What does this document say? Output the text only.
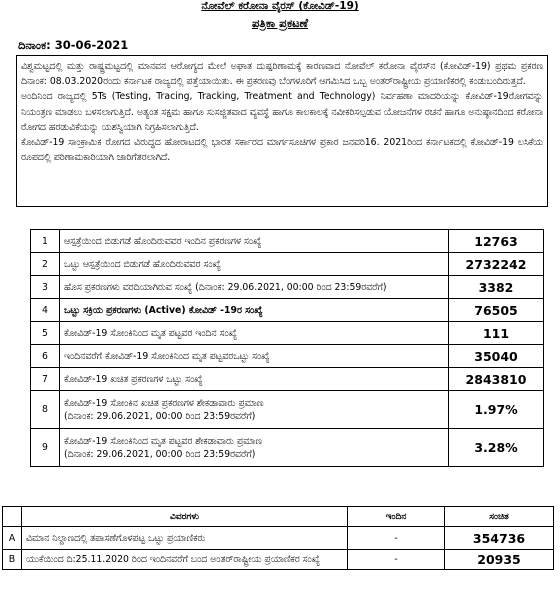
ನೋವೆಲ್ ಕರೋನಾ ವೈರಸ್ (ಕೋವಿಡ್-19)
ಪತ್ರಿಕಾ ಪ್ರಕಟಣೆ
ದಿನಾಂಕ: 30-06-2021
ವಿಶ್ವಮಟ್ಟದಲ್ಲಿ ಮತ್ತು ರಾಷ್ಟ್ರಮಟ್ಟದಲ್ಲಿ ಮಾನವನ ಆರೋಗ್ಯದ ಮೇಲೆ ಅಘಾತ ದುಷ್ಪರಿಣಾಮಕ್ಕೆ ಕಾರಣವಾದ ನೋವೆಲ್ ಕರೋನಾ ವೈರಸ್‌ನ (ಕೋವಿಡ್-19) ಪ್ರಥಮ ಪ್ರಕರಣ ದಿನಾಂಕ: 08.03.2020ರಂದು ಕರ್ನಾಟಕ ರಾಜ್ಯದಲ್ಲಿ ಪತ್ತೆಯಾಯಿತು. ಈ ಪ್ರಕರಣವು ಬೆಂಗಳೂರಿಗೆ ಆಗಮಿಸಿದ ಒಬ್ಬ ಅಂತರ್‌ರಾಷ್ಟ್ರೀಯ ಪ್ರಯಾಣಿಕರಲ್ಲಿ ಕಂಡುಬಂದಿರುತ್ತದೆ.
ಅಂದಿನಿಂದ ರಾಜ್ಯದಲ್ಲಿ 5Ts (Testing, Tracing, Tracking, Treatment and Technology) ನಿರ್ವಹಣಾ ಮಾದರಿಯನ್ನು ಕೋವಿಡ್-19ರೋಗವನ್ನು ನಿಯಂತ್ರಣ ಮಾಡಲು ಬಳಸಲಾಗುತ್ತಿದೆ. ಅತ್ಯಂತ ಸಕ್ಷಮ ಹಾಗೂ ಸುಸಜ್ಜಿತವಾದ ವ್ಯವಸ್ಥೆ ಹಾಗೂ ಕಾಲಕಾಲಕ್ಕೆ ನವೀಕರಿಸಲ್ಪಡುವ ಯೋಜನೆಗಳ ರಚನೆ ಹಾಗೂ ಅನುಷ್ಠಾನದಿಂದ ಕರೋನಾ ರೋಗದ ಹರಡುವಿಕೆಯನ್ನು ಯಶಸ್ವಿಯಾಗಿ ನಿಗ್ರಹಿಸಲಾಗುತ್ತಿದೆ.
ಕೋವಿಡ್-19 ಸಾಂಕ್ರಾಮಿಕ ರೋಗದ ವಿರುದ್ಧದ ಹೋರಾಟದಲ್ಲಿ ಭಾರತ ಸರ್ಕಾರದ ಮಾರ್ಗಸೂಚಿಗಳ ಪ್ರಕಾರ ಜನವರಿ16. 2021ರಿಂದ ಕರ್ನಾಟಕದಲ್ಲಿ ಕೋವಿಡ್-19 ಲಸಿಕೆಯ ರೂಪದಲ್ಲಿ ಪರಿಣಾಮಕಾರಿಯಾಗಿ ಜಾರಿಗೆತರಲಾಗಿದೆ.
1	ಆಸ್ಪತ್ರೆಯಿಂದ ಬಿಡುಗಡೆ ಹೊಂದಿರುವವರ ಇಂದಿನ ಪ್ರಕರಣಗಳ ಸಂಖ್ಯೆ	12763
2	ಒಟ್ಟು ಆಸ್ಪತ್ರೆಯಿಂದ ಬಿಡುಗಡೆ ಹೊಂದಿರುವವರ ಸಂಖ್ಯೆ	2732242
3	ಹೊಸ ಪ್ರಕರಣಗಳು ವರದಿಯಾಗಿರುವ ಸಂಖ್ಯೆ (ದಿನಾಂಕ: 29.06.2021, 00:00 ರಿಂದ 23:59ರವರೆಗೆ)	3382
4	ಒಟ್ಟು ಸಕ್ರಿಯ ಪ್ರಕರಣಗಳು (Active) ಕೋವಿಡ್ -19ರ ಸಂಖ್ಯೆ	76505
5	ಕೋವಿಡ್-19 ಸೋಂಕಿನಿಂದ ಮೃತ ಪಟ್ಟವರ ಇಂದಿನ ಸಂಖ್ಯೆ	111
6	ಇಂದಿನವರೆಗೆ ಕೋವಿಡ್-19 ಸೋಂಕಿನಿಂದ ಮೃತ ಪಟ್ಟವರಒಟ್ಟು ಸಂಖ್ಯೆ	35040
7	ಕೋವಿಡ್-19 ಖಚಿತ ಪ್ರಕರಣಗಳ ಒಟ್ಟು ಸಂಖ್ಯೆ	2843810
8	ಕೋವಿಡ್-19 ಸೋಂಕಿನ ಖಚಿತ ಪ್ರಕರಣಗಳ ಶೇಕಡಾವಾರು ಪ್ರಮಾಣ
(ದಿನಾಂಕ: 29.06.2021, 00:00 ರಿಂದ 23:59ರವರೆಗೆ)	1.97%
9	ಕೋವಿಡ್-19 ಸೋಂಕಿನಿಂದ ಮೃತ ಪಟ್ಟವರ ಶೇಕಡಾವಾರು ಪ್ರಮಾಣ
(ದಿನಾಂಕ: 29.06.2021, 00:00 ರಿಂದ 23:59ರವರೆಗೆ)	3.28%
	ವಿವರಗಳು	ಇಂದಿನ	ಸಂಚಿತ
A	ವಿಮಾನ ನಿಲ್ದಾಣದಲ್ಲಿ ತಪಾಸಣೆಗೊಳಪಟ್ಟ ಒಟ್ಟು ಪ್ರಯಾಣಿಕರು	-	354736
B	ಯುಕೆಯಿಂದ ದಿ:25.11.2020 ರಿಂದ ಇಂದಿನವರೆಗೆ ಬಂದ ಅಂತರ್‌ರಾಷ್ಟ್ರೀಯ ಪ್ರಯಾಣಿಕರ ಸಂಖ್ಯೆ	-	20935
